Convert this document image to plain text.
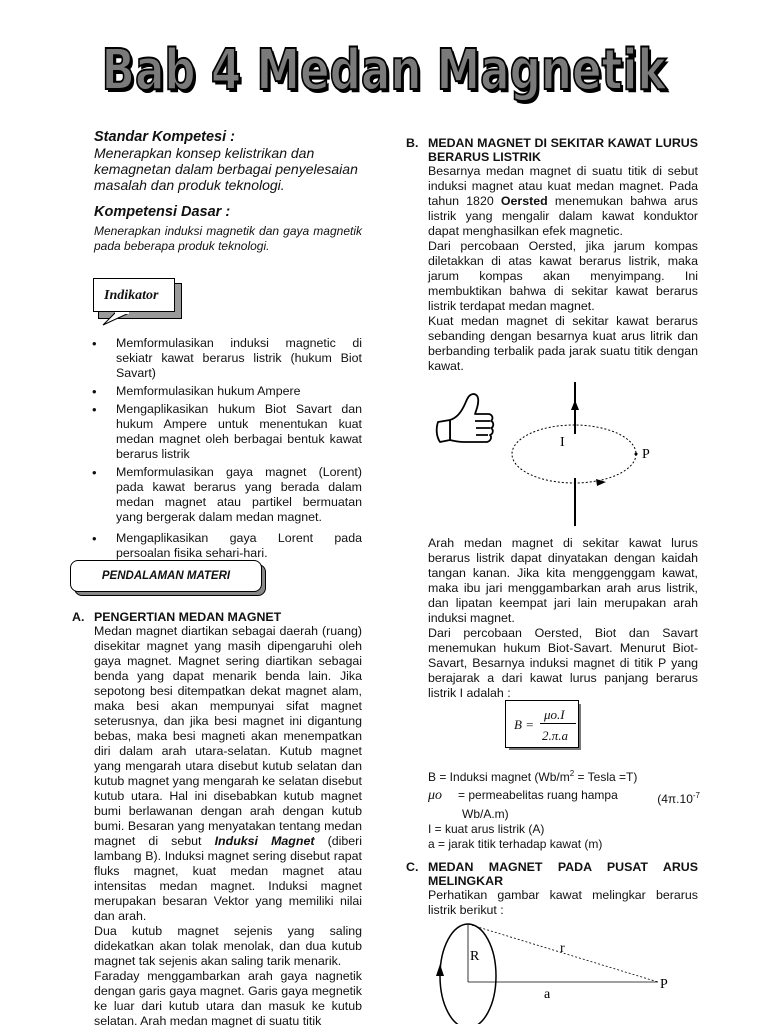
Bab 4 Medan Magnetik

Standar Kompetesi :

Menerapkan konsep kelistrikan dan kemagnetan dalam berbagai penyelesaian masalah dan produk teknologi.

Kompetensi Dasar :

Menerapkan induksi magnetik dan gaya magnetik pada beberapa produk teknologi.

Indikator
• Memformulasikan induksi magnetic di sekiatr kawat berarus listrik (hukum Biot Savart)
• Memformulasikan hukum Ampere
• Mengaplikasikan hukum Biot Savart dan hukum Ampere untuk menentukan kuat medan magnet oleh berbagai bentuk kawat berarus listrik
• Memformulasikan gaya magnet (Lorent) pada kawat berarus yang berada dalam medan magnet atau partikel bermuatan yang bergerak dalam medan magnet.
• Mengaplikasikan gaya Lorent pada persoalan fisika sehari-hari.
PENDALAMAN MATERI
A. PENGERTIAN MEDAN MAGNET

Medan magnet diartikan sebagai daerah (ruang) disekitar magnet yang masih dipengaruhi oleh gaya magnet. Magnet sering diartikan sebagai benda yang dapat menarik benda lain. Jika sepotong besi ditempatkan dekat magnet alam, maka besi akan mempunyai sifat magnet seterusnya, dan jika besi magnet ini digantung bebas, maka besi magneti akan menempatkan diri dalam arah utara-selatan. Kutub magnet yang mengarah utara disebut kutub selatan dan kutub magnet yang mengarah ke selatan disebut kutub utara. Hal ini disebabkan kutub magnet bumi berlawanan dengan arah dengan kutub bumi. Besaran yang menyatakan tentang medan magnet di sebut Induksi Magnet (diberi lambang B). Induksi magnet sering disebut rapat fluks magnet, kuat medan magnet atau intensitas medan magnet. Induksi magnet merupakan besaran Vektor yang memiliki nilai dan arah.

Dua kutub magnet sejenis yang saling didekatkan akan tolak menolak, dan dua kutub magnet tak sejenis akan saling tarik menarik.

Faraday menggambarkan arah gaya nagnetik dengan garis gaya magnet. Garis gaya megnetik ke luar dari kutub utara dan masuk ke kutub selatan. Arah medan magnet di suatu titik

B. MEDAN MAGNET DI SEKITAR KAWAT LURUS BERARUS LISTRIK

Besarnya medan magnet di suatu titik di sebut induksi magnet atau kuat medan magnet. Pada tahun 1820 Oersted menemukan bahwa arus listrik yang mengalir dalam kawat konduktor dapat menghasilkan efek magnetic.

Dari percobaan Oersted, jika jarum kompas diletakkan di atas kawat berarus listrik, maka jarum kompas akan menyimpang. Ini membuktikan bahwa di sekitar kawat berarus listrik terdapat medan magnet.

Kuat medan magnet di sekitar kawat berarus sebanding dengan besarnya kuat arus litrik dan berbanding terbalik pada jarak suatu titik dengan kawat.

I
P

Arah medan magnet di sekitar kawat lurus berarus listrik dapat dinyatakan dengan kaidah tangan kanan. Jika kita menggenggam kawat, maka ibu jari menggambarkan arah arus listrik, dan lipatan keempat jari lain merupakan arah induksi magnet.

Dari percobaan Oersted, Biot dan Savart menemukan hukum Biot-Savart. Menurut Biot-Savart, Besarnya induksi magnet di titik P yang berajarak a dari kawat lurus panjang berarus listrik I adalah :

B =
μo.I
2.π.a
B = Induksi magnet ($Wb/m^2$ = Tesla =T)
μo	= permeabelitas ruang hampa	($4\pi.10^{-7}$
Wb/A.m)
I = kuat arus listrik (A)
a = jarak titik terhadap kawat (m)
C. MEDAN MAGNET PADA PUSAT ARUS MELINGKAR

Perhatikan gambar kawat melingkar berarus listrik berikut :

R
r
P
a
